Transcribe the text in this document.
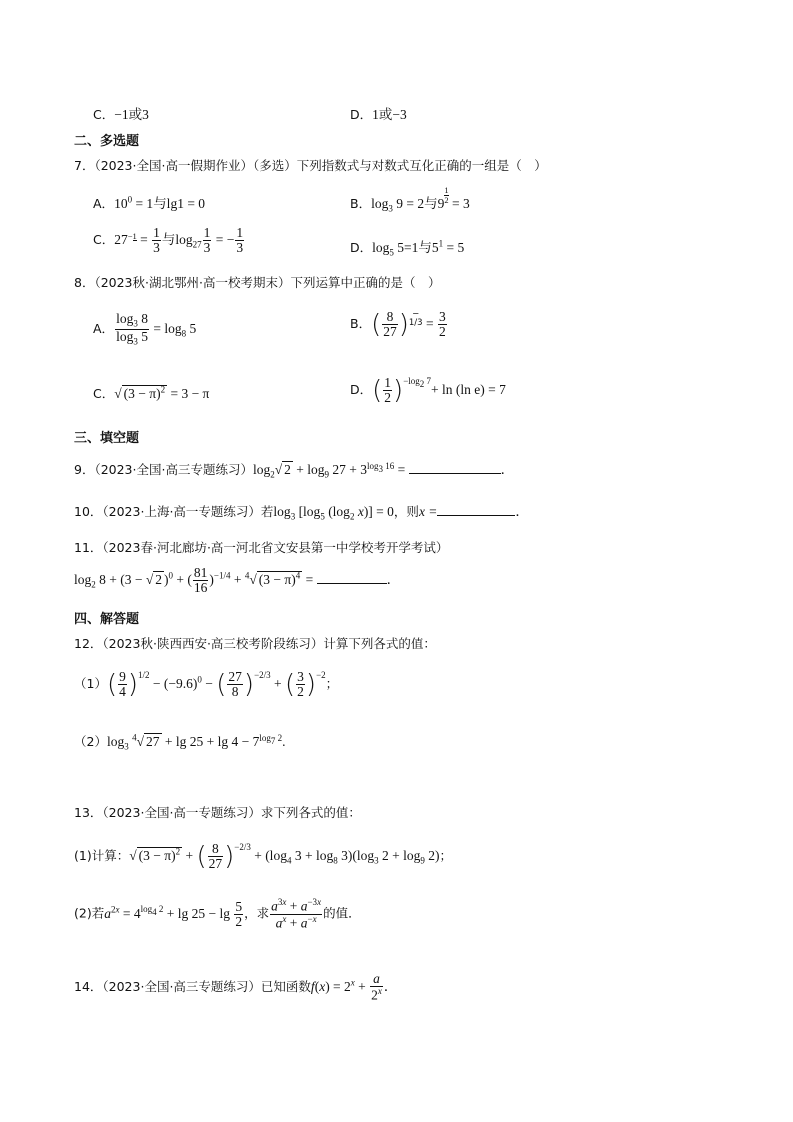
C．−1或3	D．1或−3
二、多选题
7．（2023·全国·高一假期作业）（多选）下列指数式与对数式互化正确的一组是（　）
A．$10^0 = 1$与lg1 = 0	B．$\log_3 9 = 2$与$9 \frac{1}{2} = 3$
C．$27-1 = \frac{1}{3}$ 与$\log_{27} \frac{1}{3}$ = − $\frac{1}{3}$	D．$\log_5 5=1$与$5^1 = 5$
8．（2023秋·湖北鄂州·高一校考期末）下列运算中正确的是（　）
A． $\frac{\log_3 8}{\log_3 5} = \log_8 5$	B．( $\frac{8}{27}$ ) −
$1/3 = \frac{3}{2}$
C．√ $(3 - \pi)^2 = 3 - \pi$	D．( $\frac{1}{2} )^{-log_2 7}+ \ln (\ln$ e) = 7
三、填空题
9．（2023·全国·高三专题练习）$\log_2√$ $2 + \log_9 27 + 3^{log_3 16}$ =	．
10．（2023·上海·高一专题练习）若$\log_3 [\log_5$ ($\log_2$ x)] = 0，则x =	．
11．（2023春·河北廊坊·高一河北省文安县第一中学校考开学考试）
$\log_2 8 + (3$ − √ 2 )$^0$ + ( $\frac{81}{16} )^{-1/4} + ^4√$ $(3 - \pi)^4$ =	．
四、解答题
12．（2023秋·陕西西安·高三校考阶段练习）计算下列各式的值：
$(1)( \frac{9}{4} )^{1/2} - (-9.6)^0$ − ( $\frac{27}{8} )^{-2/3}$ + ( $\frac{3}{2} )^{-2}$；
$(2)\log_3$ $^4$√ $27 + \lg 25 + \lg 4 - 7^{log_7 2}$.
13．（2023·全国·高一专题练习）求下列各式的值：
(1)计算：√ $(3 - \pi)^2$ + ( $\frac{8}{27} )^{-2/3} + (\log_4$ $3 + \log_8 3)(\log_3$ $2 + \log_9 2$)；
(2)若$a^{2x} = 4^{log_4 2} + \lg 25 - \lg \frac{5}{2}$ ，求 $\frac{a^{3x} + a^{-3x}}{a^x + a^{-x}}$ 的值．
14．（2023·全国·高三专题练习）已知函数$f(x) = 2^x + \frac{a}{2^x}$ ．
